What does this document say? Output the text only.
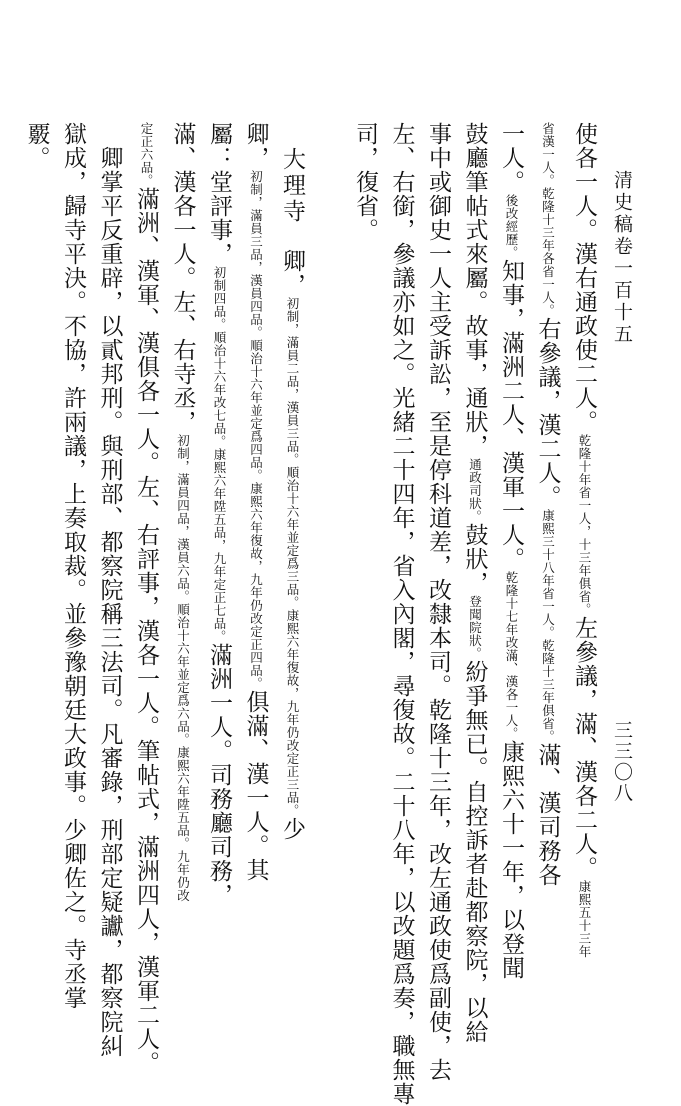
清史稿卷一百十五
三三〇八
使各一人。漢右通政使二人。乾隆十年省一人，十三年俱省。左參議，滿、漢各二人。康熙五十三年
省漢一人。乾隆十三年各省一人。右參議，漢二人。康熙三十八年省一人。乾隆十三年俱省。滿、漢司務各
一人。後改經歷。知事，滿洲二人、漢軍一人。乾隆十七年改滿、漢各一人。康熙六十一年，以登聞
鼓廳筆帖式來屬。故事，通狀，通政司狀。鼓狀，登聞院狀。紛爭無已。自控訴者赴都察院，以給
事中或御史一人主受訴訟，至是停科道差，改隸本司。乾隆十三年，改左通政使爲副使，去
左、右銜，參議亦如之。光緒二十四年，省入內閣，尋復故。二十八年，以改題爲奏，職無專
司，復省。
大理寺　卿，初制，滿員二品，漢員三品。順治十六年並定爲三品。康熙六年復故，九年仍改定正三品。少
卿，初制，滿員三品，漢員四品。順治十六年並定爲四品。康熙六年復故，九年仍改定正四品。俱滿、漢一人。其
屬：堂評事，初制四品。順治十六年改七品。康熙六年陞五品，九年定正七品。滿洲一人。司務廳司務，
滿、漢各一人。左、右寺丞，初制，滿員四品，漢員六品。順治十六年並定爲六品。康熙六年陞五品。九年仍改
定正六品。滿洲、漢軍、漢俱各一人。左、右評事，漢各一人。筆帖式，滿洲四人，漢軍二人。
　卿掌平反重辟，以貳邦刑。與刑部、都察院稱三法司。凡審錄，刑部定疑讞，都察院糾
獄成，歸寺平決。不協，許兩議，上奏取裁。並參豫朝廷大政事。少卿佐之。寺丞掌
覈。
